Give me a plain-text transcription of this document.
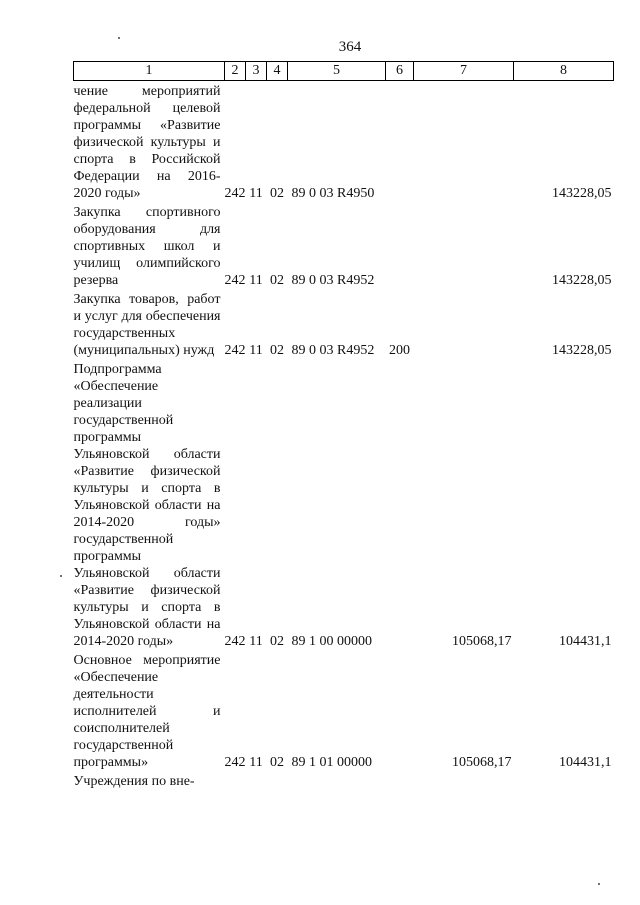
364
1	2	3	4	5	6	7	8
чение мероприятий федеральной целевой программы «Развитие физической культуры и спорта в Российской Федерации на 2016-2020 годы»	242	11	02	89 0 03 R4950			143228,05
Закупка спортивного оборудования для спортивных школ и училищ олимпийского резерва	242	11	02	89 0 03 R4952			143228,05
Закупка товаров, работ и услуг для обеспечения государственных (муниципальных) нужд	242	11	02	89 0 03 R4952	200		143228,05
Подпрограмма «Обеспечение реализации государственной программы Ульяновской области «Развитие физической культуры и спорта в Ульяновской области на 2014-2020 годы» государственной программы Ульяновской области «Развитие физической культуры и спорта в Ульяновской области на 2014-2020 годы»	242	11	02	89 1 00 00000		105068,17	104431,1
Основное мероприятие «Обеспечение деятельности исполнителей и соисполнителей государственной программы»	242	11	02	89 1 01 00000		105068,17	104431,1
Учреждения по вне-							
